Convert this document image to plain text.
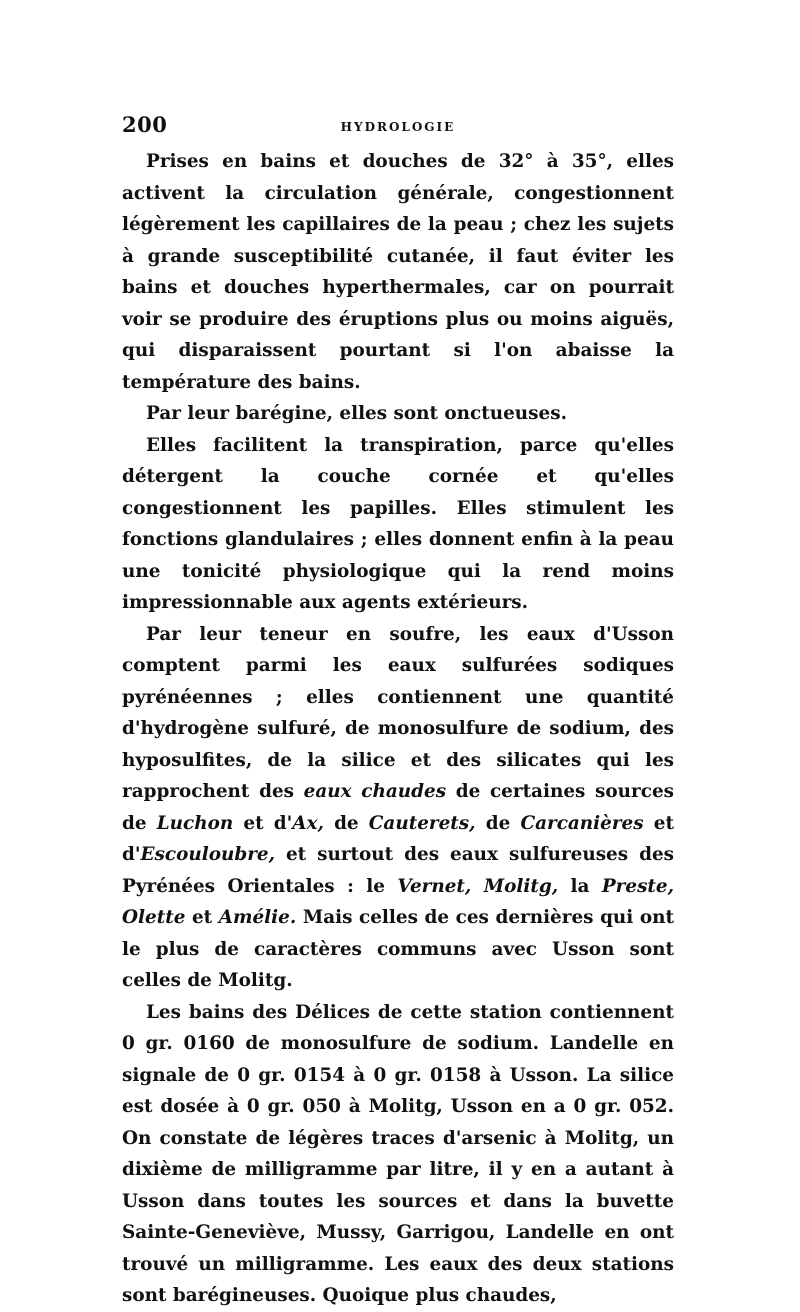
200	HYDROLOGIE

Prises en bains et douches de 32° à 35°, elles activent la circulation générale, congestionnent légèrement les capillaires de la peau ; chez les sujets à grande susceptibilité cutanée, il faut éviter les bains et douches hyperthermales, car on pourrait voir se produire des éruptions plus ou moins aiguës, qui disparaissent pourtant si l'on abaisse la température des bains.

Par leur barégine, elles sont onctueuses.

Elles facilitent la transpiration, parce qu'elles détergent la couche cornée et qu'elles congestionnent les papilles. Elles stimulent les fonctions glandulaires ; elles donnent enfin à la peau une tonicité physiologique qui la rend moins impressionnable aux agents extérieurs.

Par leur teneur en soufre, les eaux d'Usson comptent parmi les eaux sulfurées sodiques pyrénéennes ; elles contiennent une quantité d'hydrogène sulfuré, de monosulfure de sodium, des hyposulfites, de la silice et des silicates qui les rapprochent des eaux chaudes de certaines sources de Luchon et d'Ax, de Cauterets, de Carcanières et d'Escouloubre, et surtout des eaux sulfureuses des Pyrénées Orientales : le Vernet, Molitg, la Preste, Olette et Amélie. Mais celles de ces dernières qui ont le plus de caractères communs avec Usson sont celles de Molitg.

Les bains des Délices de cette station contiennent 0 gr. 0160 de monosulfure de sodium. Landelle en signale de 0 gr. 0154 à 0 gr. 0158 à Usson. La silice est dosée à 0 gr. 050 à Molitg, Usson en a 0 gr. 052. On constate de légères traces d'arsenic à Molitg, un dixième de milligramme par litre, il y en a autant à Usson dans toutes les sources et dans la buvette Sainte-Geneviève, Mussy, Garrigou, Landelle en ont trouvé un milligramme. Les eaux des deux stations sont barégineuses. Quoique plus chaudes,
